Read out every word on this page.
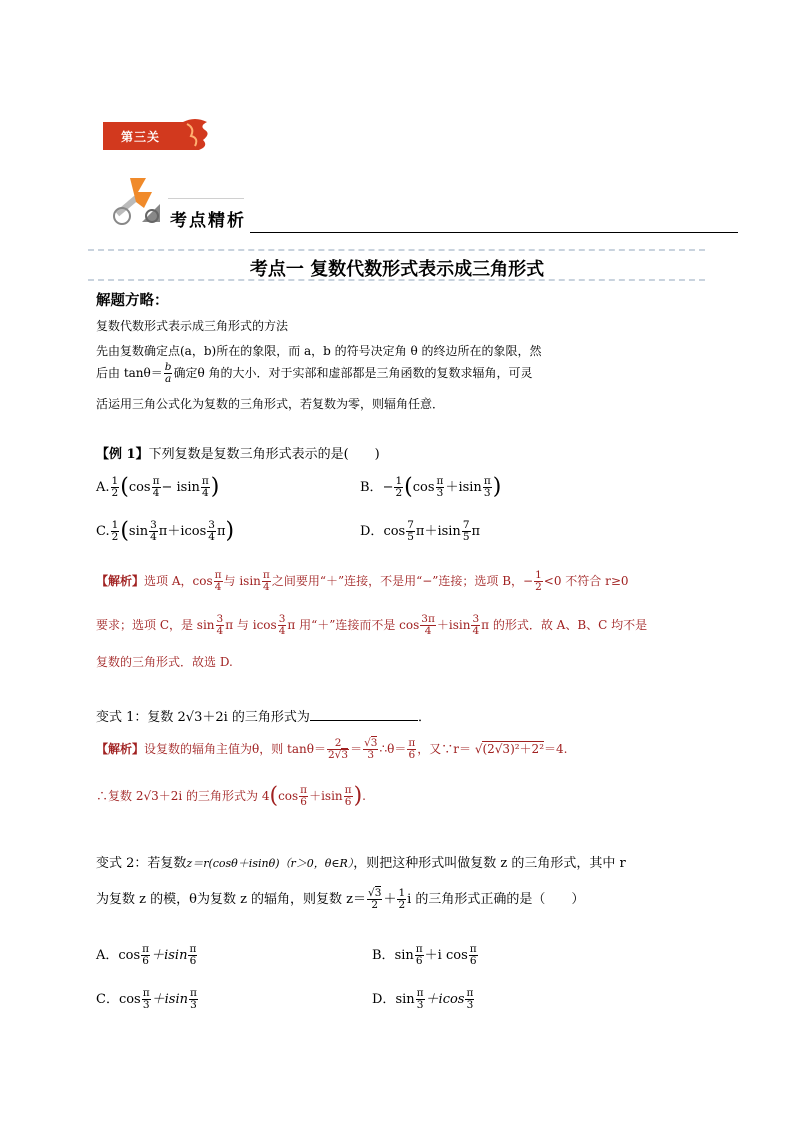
第三关
考点精析
考点一 复数代数形式表示成三角形式
解题方略：
复数代数形式表示成三角形式的方法
先由复数确定点(a，b)所在的象限，而 a，b 的符号决定角 θ 的终边所在的象限，然
后由 $\tan\theta= \frac{b}{a}$ 确定θ 角的大小．对于实部和虚部都是三角函数的复数求辐角，可灵
活运用三角公式化为复数的三角形式，若复数为零，则辐角任意．
【例 1】下列复数是复数三角形式表示的是(　　)
A. $\frac{1}{2} (\cos \frac{\pi}{4} - isin \frac{\pi}{4}$ )	B．− $\frac{1}{2} (\cos \frac{\pi}{3} +isin \frac{\pi}{3}$ )
C. $\frac{1}{2} (\sin \frac{3}{4} \pi+icos \frac{3}{4} \pi)$	D．$\cos \frac{7}{5} \pi+isin \frac{7}{5}$ π
【解析】选项 A，$\cos \frac{\pi}{4}$ 与 isin $\frac{\pi}{4}$ 之间要用“＋”连接，不是用“−”连接；选项 B，− $\frac{1}{2} <0$ 不符合 r≥0
要求；选项 C，是 $\sin \frac{3}{4}$ π 与 icos $\frac{3}{4}$ π 用“＋”连接而不是 $\cos \frac{3\pi}{4} +isin \frac{3}{4}$ π 的形式．故 A、B、C 均不是
复数的三角形式．故选 D.
变式 1：复数 2√3＋2i 的三角形式为	．
【解析】设复数的辐角主值为θ，则 $\tan\theta= \frac{2}{2√3} = \frac{√3}{3}$ ∴θ＝ $\frac{\pi}{6}$ ，又∵r＝ √(2√3)²＋2²＝4.
∴复数 2√3＋2i 的三角形式为 $4(\cos \frac{\pi}{6} +isin \frac{\pi}{6}$ ).
变式 2：若复数z＝r(cosθ＋isinθ)（r＞0，θ∈R），则把这种形式叫做复数 z 的三角形式，其中 r
为复数 z 的模，θ为复数 z 的辐角，则复数 $z= \frac{√3}{2} + \frac{1}{2}$ i 的三角形式正确的是（　　）
A．$\cos \frac{\pi}{6} +isin \frac{\pi}{6}$	B．$\sin \frac{\pi}{6} +i$ $\cos \frac{\pi}{6}$
C．$\cos \frac{\pi}{3} +isin \frac{\pi}{3}$	D．$\sin \frac{\pi}{3} +icos \frac{\pi}{3}$
